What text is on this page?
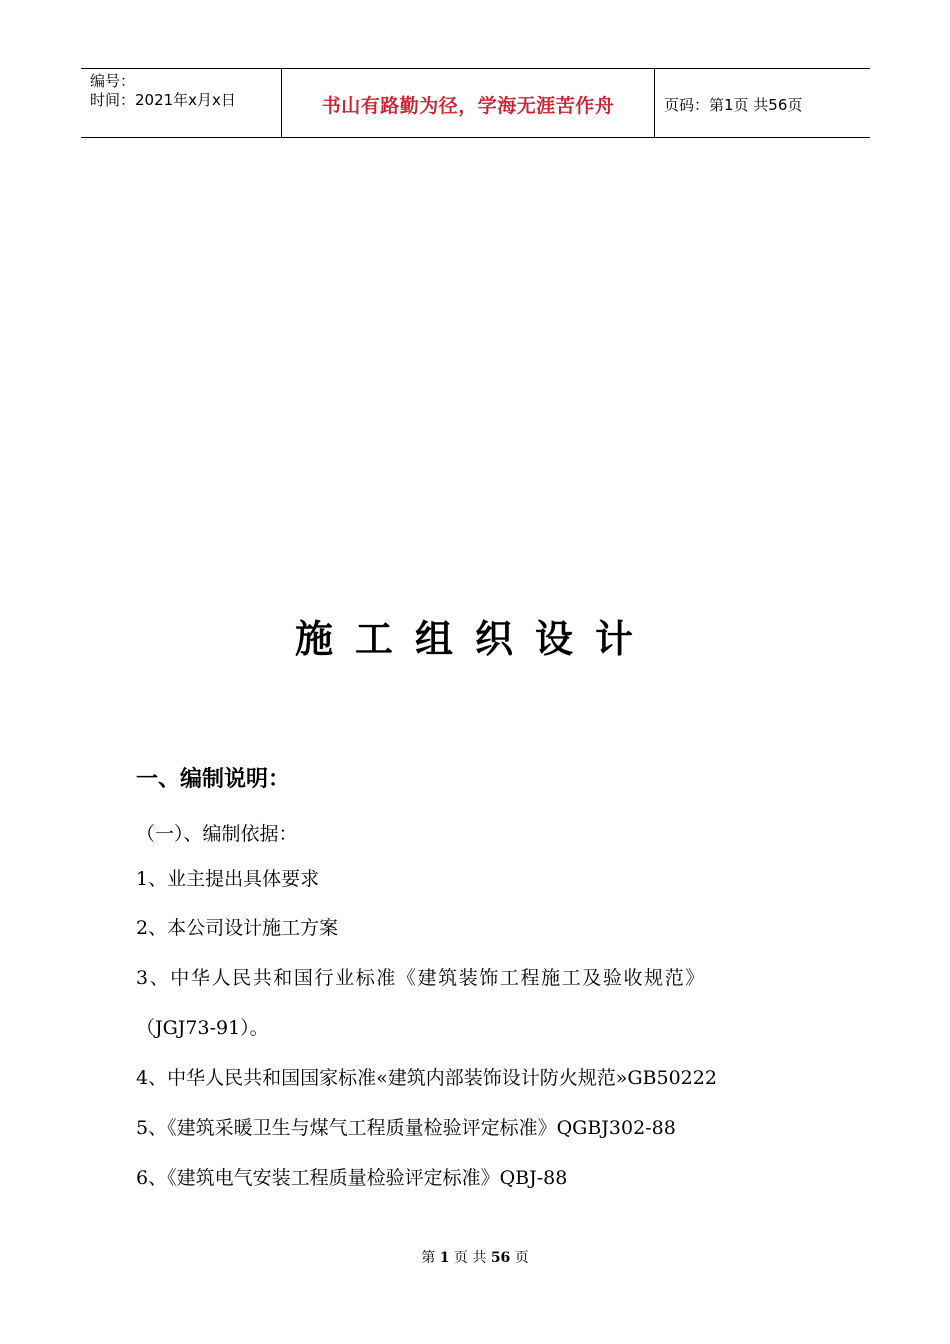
编号：
时间：2021年x月x日	书山有路勤为径，学海无涯苦作舟	页码：第1页 共56页
施工组织设计
一、编制说明：
（一）、编制依据：
1、业主提出具体要求
2、本公司设计施工方案
3、中华人民共和国行业标准《建筑装饰工程施工及验收规范》
（JGJ73-91）。
4、中华人民共和国国家标准«建筑内部装饰设计防火规范»GB50222
5、《建筑采暖卫生与煤气工程质量检验评定标准》QGBJ302-88
6、《建筑电气安装工程质量检验评定标准》QBJ-88
第 1 页 共 56 页
